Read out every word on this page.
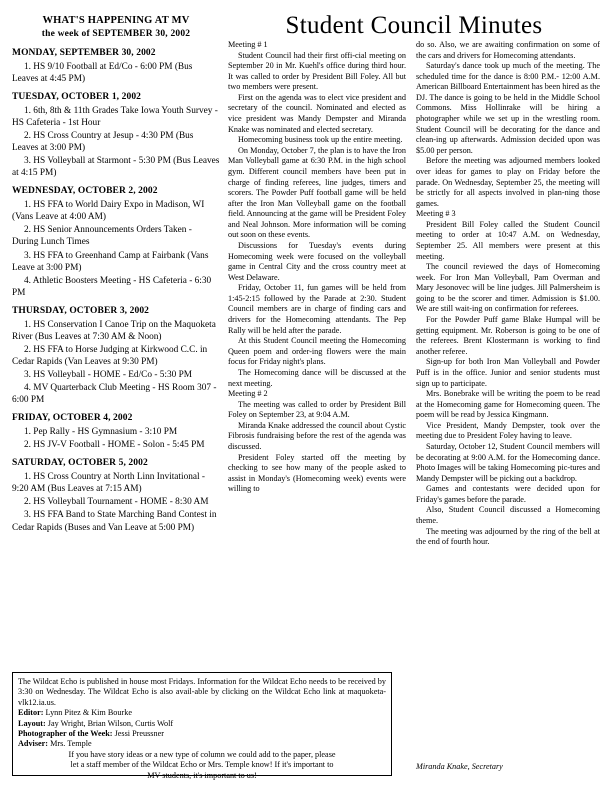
WHAT'S HAPPENING AT MV
the week of SEPTEMBER 30, 2002
MONDAY, SEPTEMBER 30, 2002
1. HS 9/10 Football at Ed/Co - 6:00 PM (Bus Leaves at 4:45 PM)
TUESDAY, OCTOBER 1, 2002
1. 6th, 8th & 11th Grades Take Iowa Youth Survey - HS Cafeteria - 1st Hour
2. HS Cross Country at Jesup - 4:30 PM (Bus Leaves at 3:00 PM)
3. HS Volleyball at Starmont - 5:30 PM (Bus Leaves at 4:15 PM)
WEDNESDAY, OCTOBER 2, 2002
1. HS FFA to World Dairy Expo in Madison, WI (Vans Leave at 4:00 AM)
2. HS Senior Announcements Orders Taken - During Lunch Times
3. HS FFA to Greenhand Camp at Fairbank (Vans Leave at 3:00 PM)
4. Athletic Boosters Meeting - HS Cafeteria - 6:30 PM
THURSDAY, OCTOBER 3, 2002
1. HS Conservation I Canoe Trip on the Maquoketa River (Bus Leaves at 7:30 AM & Noon)
2. HS FFA to Horse Judging at Kirkwood C.C. in Cedar Rapids (Van Leaves at 9:30 PM)
3. HS Volleyball - HOME - Ed/Co - 5:30 PM
4. MV Quarterback Club Meeting - HS Room 307 - 6:00 PM
FRIDAY, OCTOBER 4, 2002
1. Pep Rally - HS Gymnasium - 3:10 PM
2. HS JV-V Football - HOME - Solon - 5:45 PM
SATURDAY, OCTOBER 5, 2002
1. HS Cross Country at North Linn Invitational - 9:20 AM (Bus Leaves at 7:15 AM)
2. HS Volleyball Tournament - HOME - 8:30 AM
3. HS FFA Band to State Marching Band Contest in Cedar Rapids (Buses and Van Leave at 5:00 PM)
Student Council Minutes

Meeting # 1

Student Council had their first offi-cial meeting on September 20 in Mr. Kuehl's office during third hour. It was called to order by President Bill Foley. All but two members were present.

First on the agenda was to elect vice president and secretary of the council. Nominated and elected as vice president was Mandy Dempster and Miranda Knake was nominated and elected secretary.

Homecoming business took up the entire meeting.

On Monday, October 7, the plan is to have the Iron Man Volleyball game at 6:30 P.M. in the high school gym. Different council members have been put in charge of finding referees, line judges, timers and scorers. The Powder Puff football game will be held after the Iron Man Volleyball game on the football field. Announcing at the game will be President Foley and Neal Johnson. More information will be coming out soon on these events.

Discussions for Tuesday's events during Homecoming week were focused on the volleyball game in Central City and the cross country meet at West Delaware.

Friday, October 11, fun games will be held from 1:45-2:15 followed by the Parade at 2:30. Student Council members are in charge of finding cars and drivers for the Homecoming attendants. The Pep Rally will be held after the parade.

At this Student Council meeting the Homecoming Queen poem and order-ing flowers were the main focus for Friday night's plans.

The Homecoming dance will be discussed at the next meeting.

Meeting # 2

The meeting was called to order by President Bill Foley on September 23, at 9:04 A.M.

Miranda Knake addressed the council about Cystic Fibrosis fundraising before the rest of the agenda was discussed.

President Foley started off the meeting by checking to see how many of the people asked to assist in Monday's (Homecoming week) events were willing to

do so. Also, we are awaiting confirmation on some of the cars and drivers for Homecoming attendants.

Saturday's dance took up much of the meeting. The scheduled time for the dance is 8:00 P.M.- 12:00 A.M. American Billboard Entertainment has been hired as the DJ. The dance is going to be held in the Middle School Commons. Miss Hollinrake will be hiring a photographer while we set up in the wrestling room. Student Council will be decorating for the dance and clean-ing up afterwards. Admission decided upon was $5.00 per person.

Before the meeting was adjourned members looked over ideas for games to play on Friday before the parade. On Wednesday, September 25, the meeting will be strictly for all aspects involved in plan-ning those games.

Meeting # 3

President Bill Foley called the Student Council meeting to order at 10:47 A.M. on Wednesday, September 25. All members were present at this meeting.

The council reviewed the days of Homecoming week. For Iron Man Volleyball, Pam Overman and Mary Jesonovec will be line judges. Jill Palmersheim is going to be the scorer and timer. Admission is $1.00. We are still wait-ing on confirmation for referees.

For the Powder Puff game Blake Humpal will be getting equipment. Mr. Roberson is going to be one of the referees. Brent Klostermann is working to find another referee.

Sign-up for both Iron Man Volleyball and Powder Puff is in the office. Junior and senior students must sign up to participate.

Mrs. Bonebrake will be writing the poem to be read at the Homecoming game for Homecoming queen. The poem will be read by Jessica Kingmann.

Vice President, Mandy Dempster, took over the meeting due to President Foley having to leave.

Saturday, October 12, Student Council members will be decorating at 9:00 A.M. for the Homecoming dance. Photo Images will be taking Homecoming pic-tures and Mandy Dempster will be picking out a backdrop.

Games and contestants were decided upon for Friday's games before the parade.

Also, Student Council discussed a Homecoming theme.

The meeting was adjourned by the ring of the bell at the end of fourth hour.

Miranda Knake, Secretary

The Wildcat Echo is published in house most Fridays. Information for the Wildcat Echo needs to be received by 3:30 on Wednesday. The Wildcat Echo is also avail-able by clicking on the Wildcat Echo link at maquoketa-vlk12.ia.us.

Editor: Lynn Pitez & Kim Bourke

Layout: Jay Wright, Brian Wilson, Curtis Wolf

Photographer of the Week: Jessi Preussner

Adviser: Mrs. Temple

If you have story ideas or a new type of column we could add to the paper, please

let a staff member of the Wildcat Echo or Mrs. Temple know! If it's important to

MV students, it's important to us!
